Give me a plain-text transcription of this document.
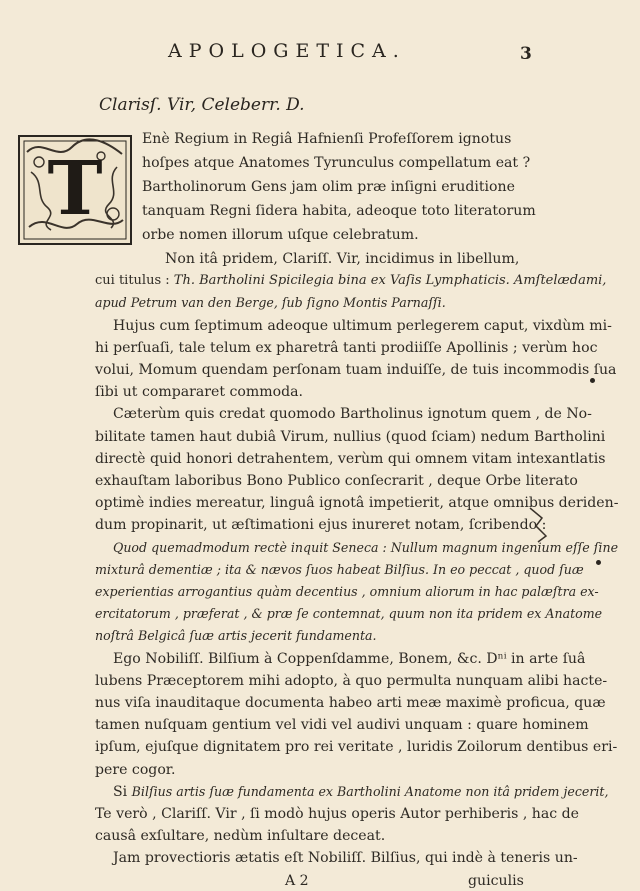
APOLOGETICA.	3
Clarisſ. Vir, Celeberr. D.
T
Enè Regium in Regiâ Hafnienſi Profeſſorem ignotus
hoſpes atque Anatomes Tyrunculus compellatum eat ?
Bartholinorum Gens jam olim præ inſigni eruditione
tanquam Regni ſidera habita, adeoque toto literatorum
orbe nomen illorum uſque celebratum.
Non itâ pridem, Clariſſ. Vir, incidimus in libellum,
cui titulus : Th. Bartholini Spicilegia bina ex Vaſis Lymphaticis. Amſtelædami,
apud Petrum van den Berge, ſub ſigno Montis Parnaſſi.
Hujus cum ſeptimum adeoque ultimum perlegerem caput, vixdùm mi-
hi perſuaſi, tale telum ex pharetrâ tanti prodiiſſe Apollinis ; verùm hoc
volui, Momum quendam perſonam tuam induiſſe, de tuis incommodis ſua
ſibi ut compararet commoda.
Cæterùm quis credat quomodo Bartholinus ignotum quem , de No-
bilitate tamen haut dubiâ Virum, nullius (quod ſciam) nedum Bartholini
directè quid honori detrahentem, verùm qui omnem vitam intexantlatis
exhauſtam laboribus Bono Publico conſecrarit , deque Orbe literato
optimè indies mereatur, linguâ ignotâ impetierit, atque omnibus deriden-
dum propinarit, ut æſtimationi ejus inureret notam, ſcribendo :
Quod quemadmodum rectè inquit Seneca : Nullum magnum ingenium eſſe ſine
mixturâ dementiæ ; ita & nævos ſuos habeat Bilſius. In eo peccat , quod ſuæ
experientias arrogantius quàm decentius , omnium aliorum in hac palæſtra ex-
ercitatorum , præferat , & præ ſe contemnat, quum non ita pridem ex Anatome
noſtrâ Belgicâ ſuæ artis jecerit fundamenta.
Ego Nobiliſſ. Bilſium à Coppenſdamme, Bonem, &c. Dⁿⁱ in arte ſuâ
lubens Præceptorem mihi adopto, à quo permulta nunquam alibi hacte-
nus viſa inauditaque documenta habeo arti meæ maximè proficua, quæ
tamen nuſquam gentium vel vidi vel audivi unquam : quare hominem
ipſum, ejuſque dignitatem pro rei veritate , luridis Zoilorum dentibus eri-
pere cogor.
Si Bilſius artis ſuæ fundamenta ex Bartholini Anatome non itâ pridem jecerit,
Te verò , Clariſſ. Vir , ſi modò hujus operis Autor perhiberis , hac de
causâ exſultare, nedùm inſultare deceat.
Jam provectioris ætatis eſt Nobiliſſ. Bilſius, qui indè à teneris un-
A 2	guiculis
